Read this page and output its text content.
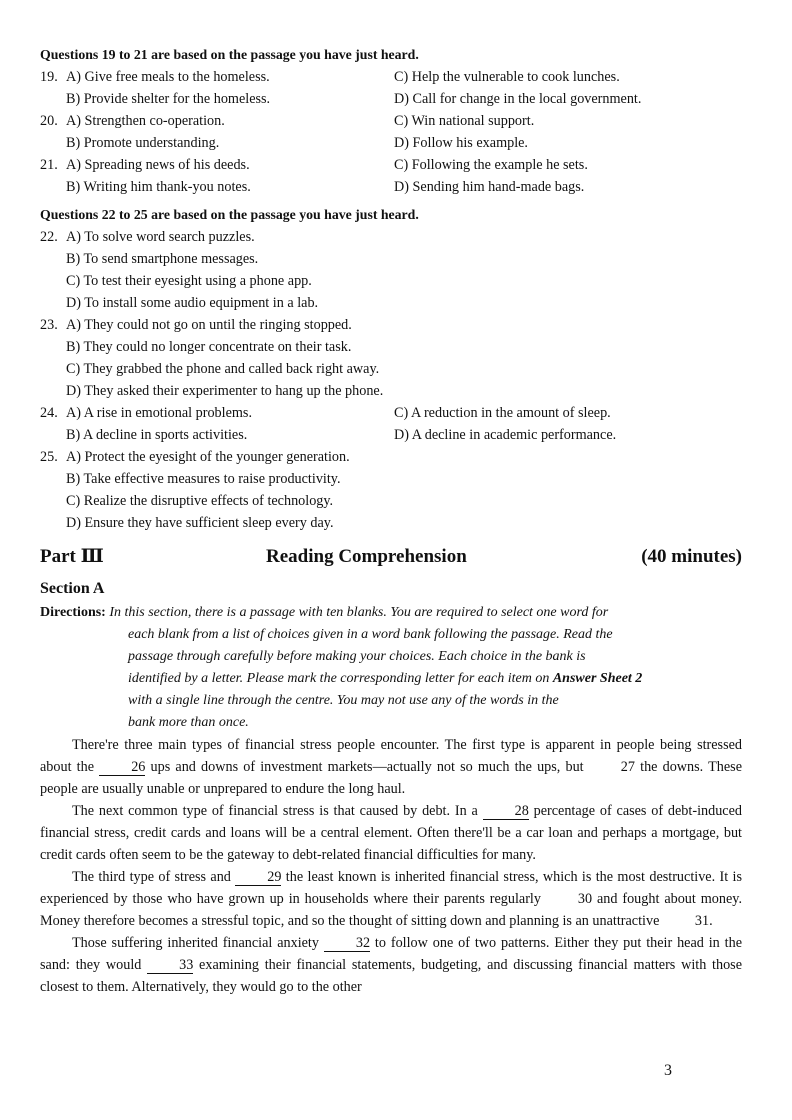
Questions 19 to 21 are based on the passage you have just heard.
19. A) Give free meals to the homeless.	C) Help the vulnerable to cook lunches.
B) Provide shelter for the homeless.	D) Call for change in the local government.
20. A) Strengthen co-operation.	C) Win national support.
B) Promote understanding.	D) Follow his example.
21. A) Spreading news of his deeds.	C) Following the example he sets.
B) Writing him thank-you notes.	D) Sending him hand-made bags.
Questions 22 to 25 are based on the passage you have just heard.
22. A) To solve word search puzzles.
B) To send smartphone messages.
C) To test their eyesight using a phone app.
D) To install some audio equipment in a lab.
23. A) They could not go on until the ringing stopped.
B) They could no longer concentrate on their task.
C) They grabbed the phone and called back right away.
D) They asked their experimenter to hang up the phone.
24. A) A rise in emotional problems.	C) A reduction in the amount of sleep.
B) A decline in sports activities.	D) A decline in academic performance.
25. A) Protect the eyesight of the younger generation.
B) Take effective measures to raise productivity.
C) Realize the disruptive effects of technology.
D) Ensure they have sufficient sleep every day.
Part Ⅲ	Reading Comprehension	(40 minutes)
Section A
Directions: In this section, there is a passage with ten blanks. You are required to select one word for
each blank from a list of choices given in a word bank following the passage. Read the
passage through carefully before making your choices. Each choice in the bank is
identified by a letter. Please mark the corresponding letter for each item on Answer Sheet 2
with a single line through the centre. You may not use any of the words in the
bank more than once.

There're three main types of financial stress people encounter. The first type is apparent in people being stressed about the 26 ups and downs of investment markets—actually not so much the ups, but 27 the downs. These people are usually unable or unprepared to endure the long haul.

The next common type of financial stress is that caused by debt. In a 28 percentage of cases of debt-induced financial stress, credit cards and loans will be a central element. Often there'll be a car loan and perhaps a mortgage, but credit cards often seem to be the gateway to debt-related financial difficulties for many.

The third type of stress and 29 the least known is inherited financial stress, which is the most destructive. It is experienced by those who have grown up in households where their parents regularly 30 and fought about money. Money therefore becomes a stressful topic, and so the thought of sitting down and planning is an unattractive 31.

Those suffering inherited financial anxiety 32 to follow one of two patterns. Either they put their head in the sand: they would 33 examining their financial statements, budgeting, and discussing financial matters with those closest to them. Alternatively, they would go to the other

3
